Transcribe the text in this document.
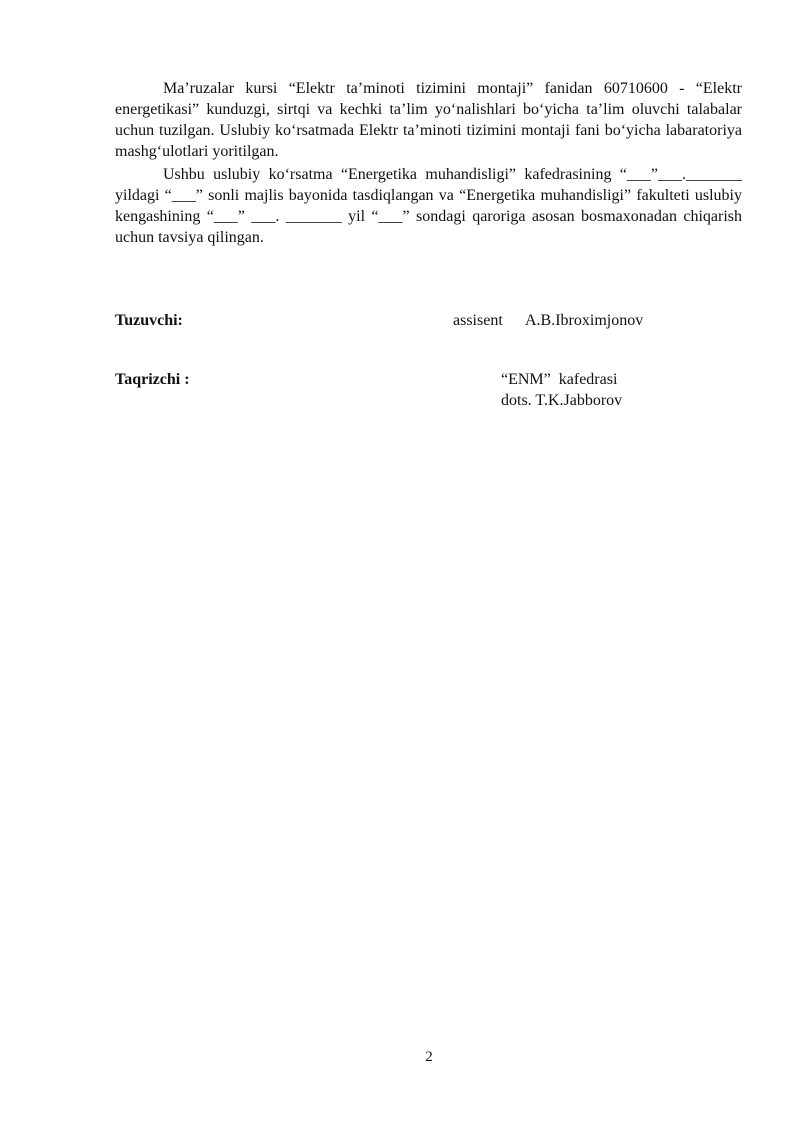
Ma’ruzalar kursi “Elektr ta’minoti tizimini montaji” fanidan 60710600 - “Elektr energetikasi” kunduzgi, sirtqi va kechki ta’lim yo‘nalishlari bo‘yicha ta’lim oluvchi talabalar uchun tuzilgan. Uslubiy ko‘rsatmada Elektr ta’minoti tizimini montaji fani bo‘yicha labaratoriya mashg‘ulotlari yoritilgan.

Ushbu uslubiy ko‘rsatma “Energetika muhandisligi” kafedrasining “___”___._______ yildagi “___” sonli majlis bayonida tasdiqlangan va “Energetika muhandisligi” fakulteti uslubiy kengashining “___” ___. _______ yil “___” sondagi qaroriga asosan bosmaxonadan chiqarish uchun tavsiya qilingan.

Tuzuvchi:	assisent A.B.Ibroximjonov

Taqrizchi :	“ENM”  kafedrasi

dots. T.K.Jabborov

2
